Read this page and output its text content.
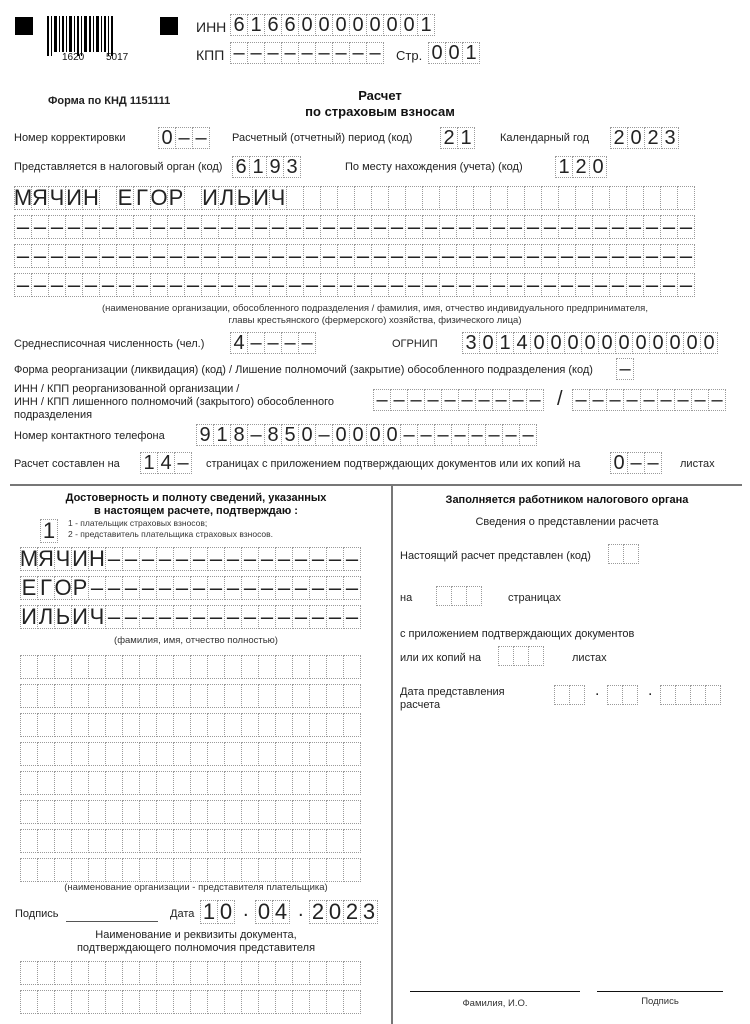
1620 5017
ИНН 6 1 6 6 0 0 0 0 0 0 0 1
КПП – – – – – – – – – Стр. 0 0 1
Форма по КНД 1151111	Расчет
по страховым взносам
Номер корректировки 0 – –	Расчетный (отчетный) период (код) 2 1	Календарный год 2 0 2 3
Представляется в налоговый орган (код) 6 1 9 3	По месту нахождения (учета) (код) 1 2 0
М Я Ч И Н Е Г О Р И Л Ь И Ч
– – – – – – – – – – – – – – – – – – – – – – – – – – – – – – – – – – – – – – – –
– – – – – – – – – – – – – – – – – – – – – – – – – – – – – – – – – – – – – – – –
– – – – – – – – – – – – – – – – – – – – – – – – – – – – – – – – – – – – – – – –
(наименование организации, обособленного подразделения / фамилия, имя, отчество индивидуального предпринимателя,
главы крестьянского (фермерского) хозяйства, физического лица)
Среднесписочная численность (чел.) 4 – – – –	ОГРНИП 3 0 1 4 0 0 0 0 0 0 0 0 0 0 0
Форма реорганизации (ликвидация) (код) / Лишение полномочий (закрытие) обособленного подразделения (код) –
ИНН / КПП реорганизованной организации /
ИНН / КПП лишенного полномочий (закрытого) обособленного
подразделения
– – – – – – – – – – / – – – – – – – – –
Номер контактного телефона 9 1 8 – 8 5 0 – 0 0 0 0 – – – – – – – –
Расчет составлен на 1 4 –	страницах с приложением подтверждающих документов или их копий на 0 – –	листах
Достоверность и полноту сведений, указанных
в настоящем расчете, подтверждаю :
1	1 - плательщик страховых взносов;
2 - представитель плательщика страховых взносов.
М Я Ч И Н – – – – – – – – – – – – – – –
Е Г О Р – – – – – – – – – – – – – – – –
И Л Ь И Ч – – – – – – – – – – – – – – –
(фамилия, имя, отчество полностью)
(наименование организации - представителя плательщика)
Подпись	Дата 1 0 . 0 4 . 2 0 2 3
Наименование и реквизиты документа,
подтверждающего полномочия представителя
Заполняется работником налогового органа
Сведения о представлении расчета
Настоящий расчет представлен (код)
на	страницах
с приложением подтверждающих документов
или их копий на	листах
Дата представления
расчета
.	.
Фамилия, И.О.	Подпись
